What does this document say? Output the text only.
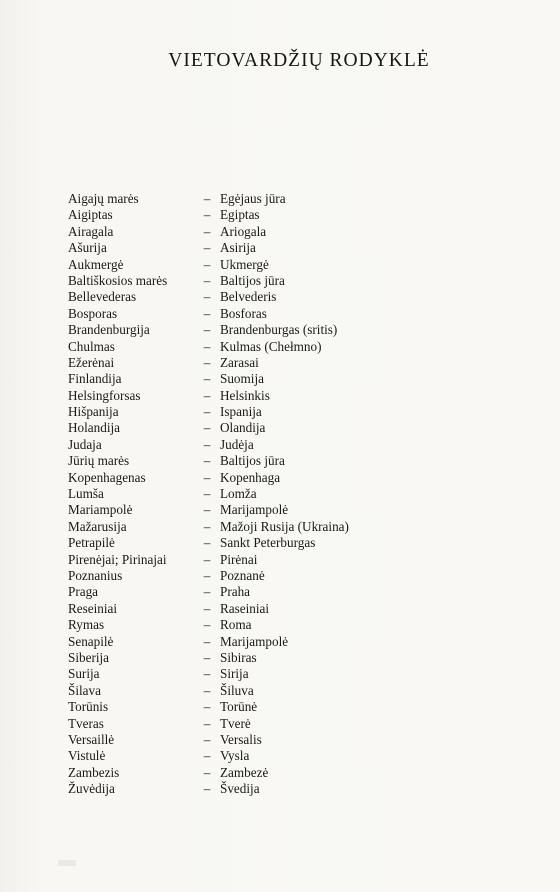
VIETOVARDŽIŲ RODYKLĖ
Aigajų marės	– Egėjaus jūra
Aigiptas	– Egiptas
Airagala	– Ariogala
Ašurija	– Asirija
Aukmergė	– Ukmergė
Baltiškosios marės	– Baltijos jūra
Bellevederas	– Belvederis
Bosporas	– Bosforas
Brandenburgija	– Brandenburgas (sritis)
Chulmas	– Kulmas (Chełmno)
Ežerėnai	– Zarasai
Finlandija	– Suomija
Helsingforsas	– Helsinkis
Hišpanija	– Ispanija
Holandija	– Olandija
Judaja	– Judėja
Jūrių marės	– Baltijos jūra
Kopenhagenas	– Kopenhaga
Lumša	– Lomža
Mariampolė	– Marijampolė
Mažarusija	– Mažoji Rusija (Ukraina)
Petrapilė	– Sankt Peterburgas
Pirenėjai; Pirinajai	– Pirėnai
Poznanius	– Poznanė
Praga	– Praha
Reseiniai	– Raseiniai
Rymas	– Roma
Senapilė	– Marijampolė
Siberija	– Sibiras
Surija	– Sirija
Šilava	– Šiluva
Torūnis	– Torūnė
Tveras	– Tverė
Versaillė	– Versalis
Vistulė	– Vysla
Zambezis	– Zambezė
Žuvėdija	– Švedija
